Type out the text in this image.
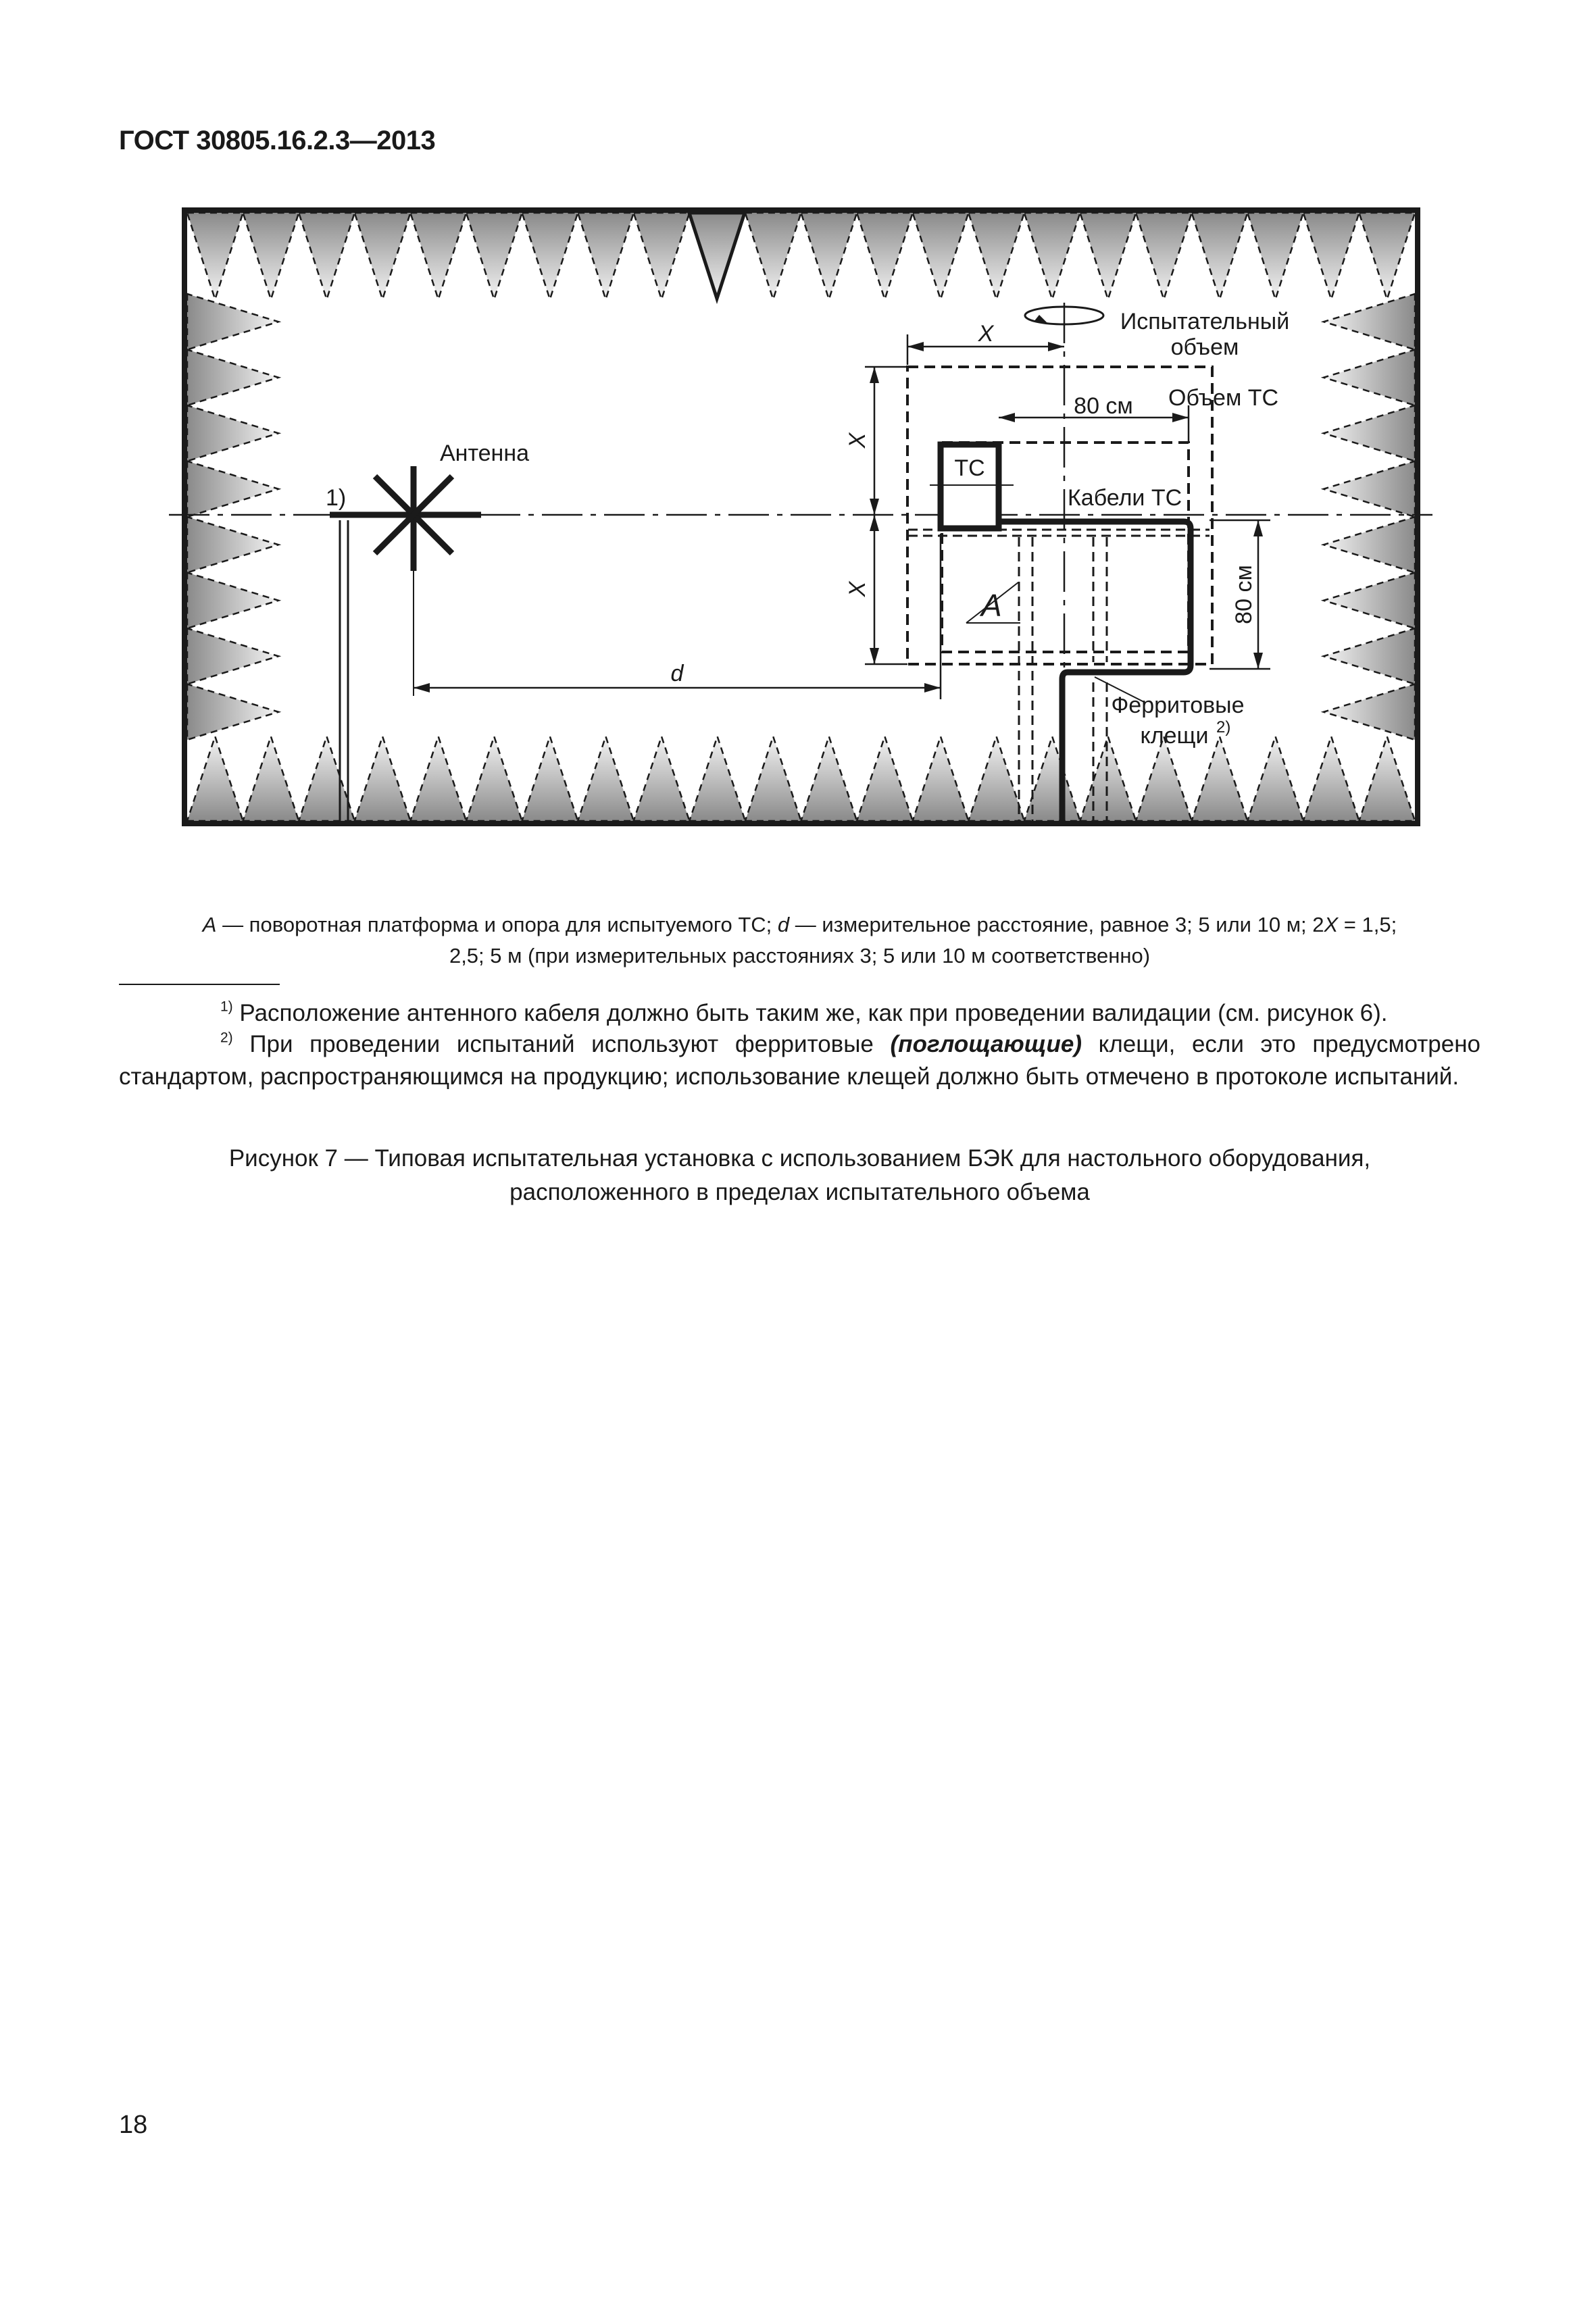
ГОСТ 30805.16.2.3—2013
Испытательный
объем
X
80 см Объем ТС
ТС
Кабели ТС
Антенна
1)
A
d
Ферритовые
клещи 2)
X
X	80 см
A — поворотная платформа и опора для испытуемого ТС; d — измерительное расстояние, равное 3; 5 или 10 м; 2X = 1,5;
2,5; 5 м (при измерительных расстояниях 3; 5 или 10 м соответственно)
$^{1)}$ Расположение антенного кабеля должно быть таким же, как при проведении валидации (см. рисунок 6).
$^{2)}$ При проведении испытаний используют ферритовые (поглощающие) клещи, если это предусмотрено стандартом, распространяющимся на продукцию; использование клещей должно быть отмечено в протоколе испытаний.
Рисунок 7 — Типовая испытательная установка с использованием БЭК для настольного оборудования,
расположенного в пределах испытательного объема
18
